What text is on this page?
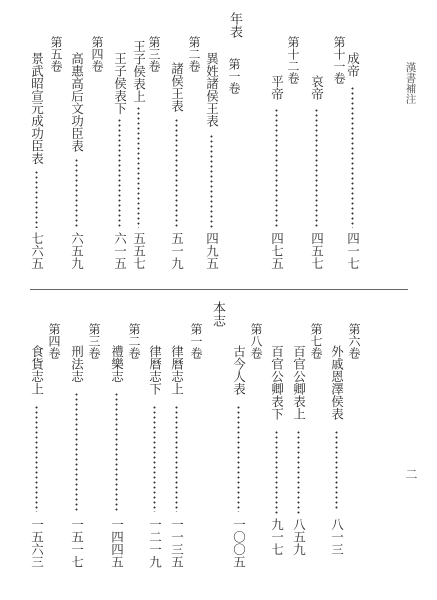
漢書補注
二
年表
第十一卷 成帝
四一七
哀帝
四五七
第十二卷
平帝
四七五
第一卷
異姓諸侯王表
四九五
第二卷
諸侯王表
五一九
第三卷
王子侯表上
五五七
王子侯表下
六一五
第四卷
高惠高后文功臣表
六五九
第五卷
景武昭宣元成功臣表
七六五
本志
第六卷
外戚恩澤侯表
八一三
第七卷
百官公卿表上
八五九
百官公卿表下
九一七
第八卷
古今人表
一〇〇五
第一卷
律曆志上
一一三五
律曆志下
一二一九
第二卷
禮樂志
一四四五
第三卷
刑法志
一五一七
第四卷
食貨志上
一五六三
